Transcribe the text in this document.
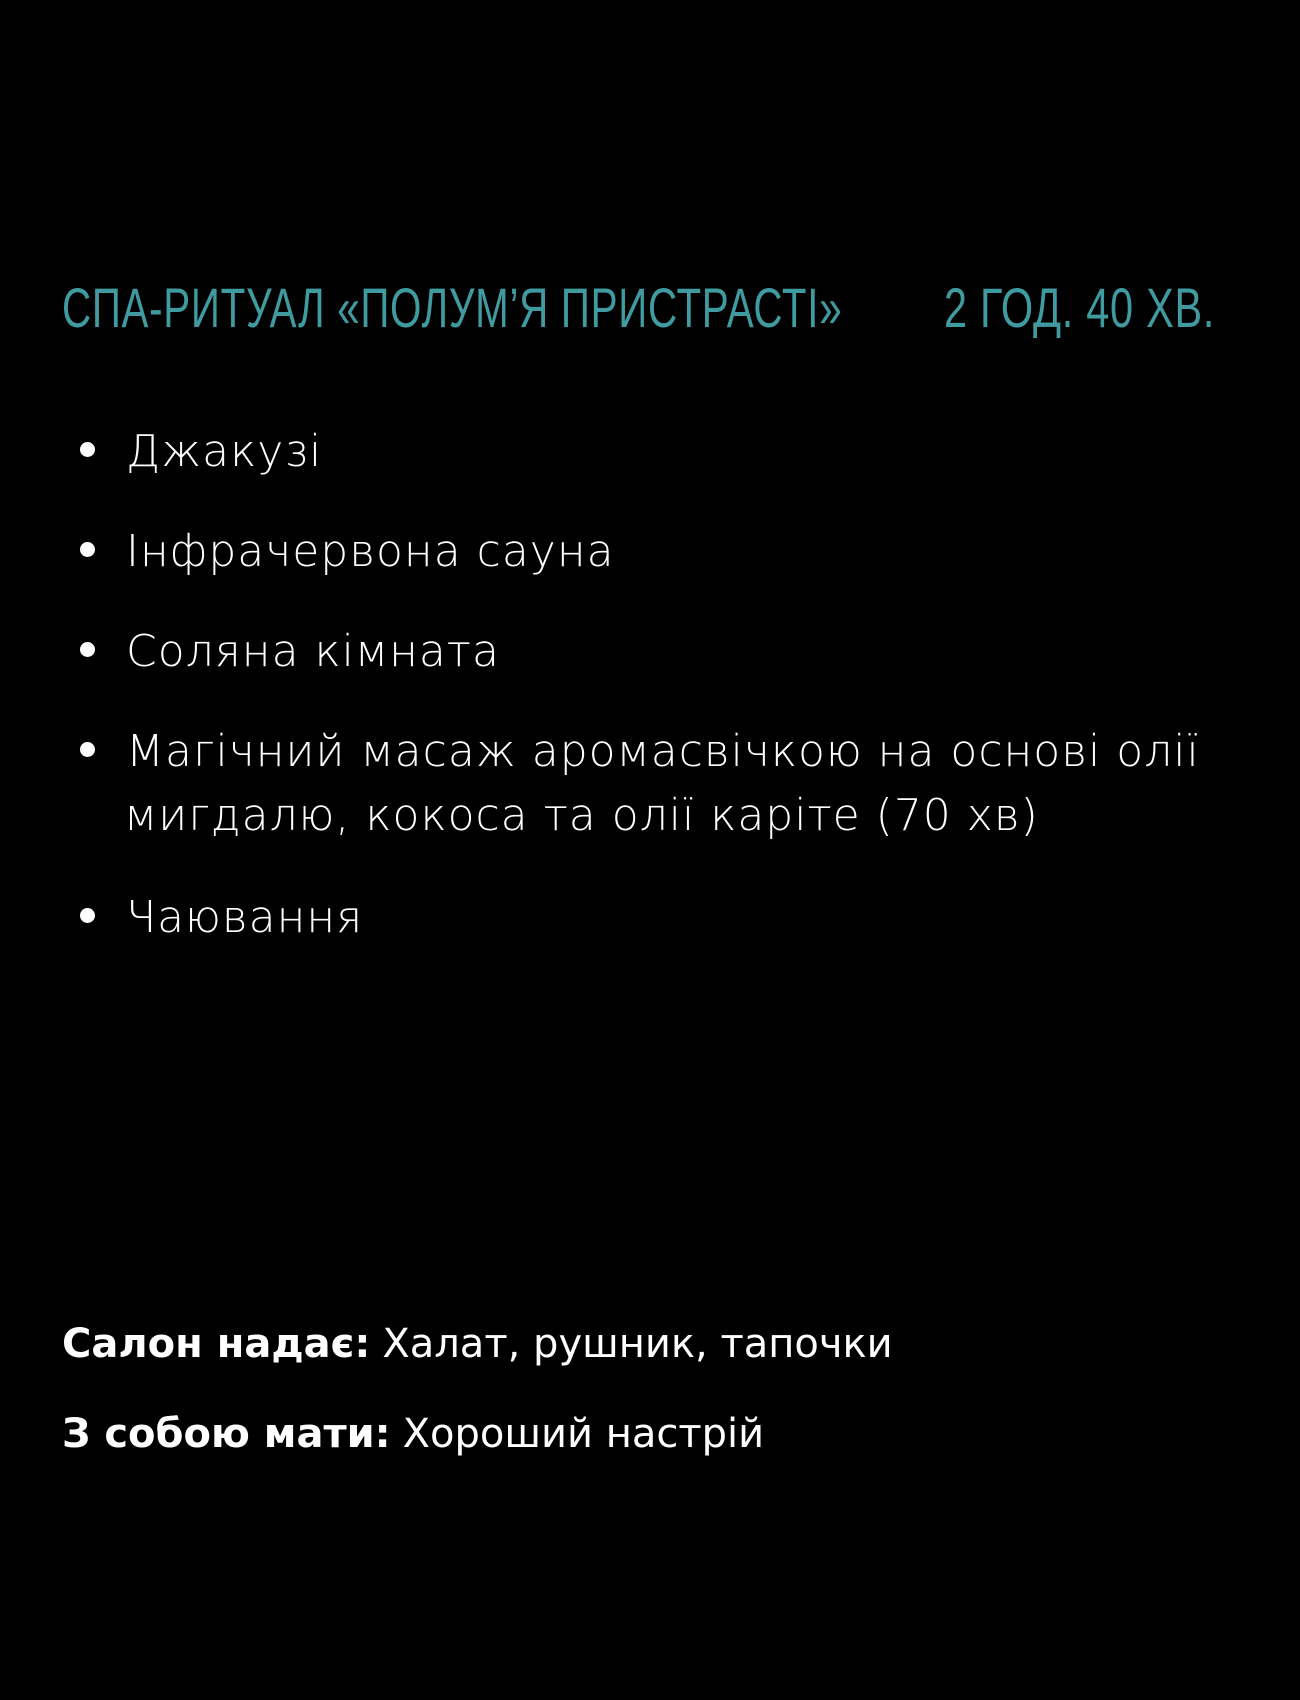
СПА-РИТУАЛ «ПОЛУМ’Я ПРИСТРАСТІ» 2 ГОД. 40 ХВ.
Джакузі
Інфрачервона сауна
Соляна кімната
Магічний масаж аромасвічкою на основі олії
мигдалю, кокоса та олії каріте (70 хв)
Чаювання
Салон надає: Халат, рушник, тапочки
З собою мати: Хороший настрій
